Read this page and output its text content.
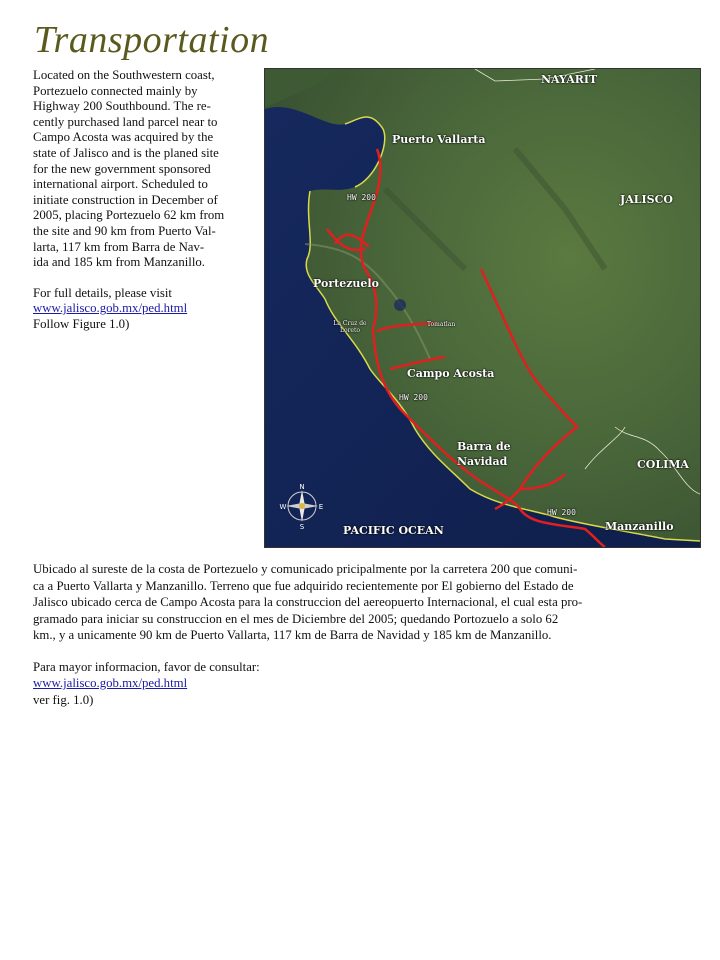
Transportation

Located on the Southwestern coast,

Portezuelo connected mainly by

Highway 200 Southbound. The re-

cently purchased land parcel near to

Campo Acosta was acquired by the

state of Jalisco and is the planed site

for the new government sponsored

international airport. Scheduled to

initiate construction in December of

2005, placing Portezuelo 62 km from

the site and 90 km from Puerto Val-

larta, 117 km from Barra de Nav-

ida and 185 km from Manzanillo.

For full details, please visit

www.jalisco.gob.mx/ped.html

Follow Figure 1.0)

NAYARIT
Puerto Vallarta
JALISCO
HW 200
Portezuelo
La Cruz de Loreto
Tomatlan
Campo Acosta
HW 200
Barra de Navidad	COLIMA
PACIFIC OCEAN
HW 200
Manzanillo
N
S
E
W

Ubicado al sureste de la costa de Portezuelo y comunicado pricipalmente por la carretera 200 que comuni-

ca a Puerto Vallarta y Manzanillo. Terreno que fue adquirido recientemente por El gobierno del Estado de

Jalisco ubicado cerca de Campo Acosta para la construccion del aereopuerto Internacional, el cual esta pro-

gramado para iniciar su construccion en el mes de Diciembre del 2005; quedando Portozuelo a solo 62

km., y a unicamente 90 km de Puerto Vallarta, 117 km de Barra de Navidad y 185 km de Manzanillo.

Para mayor informacion, favor de consultar:

www.jalisco.gob.mx/ped.html

ver fig. 1.0)
